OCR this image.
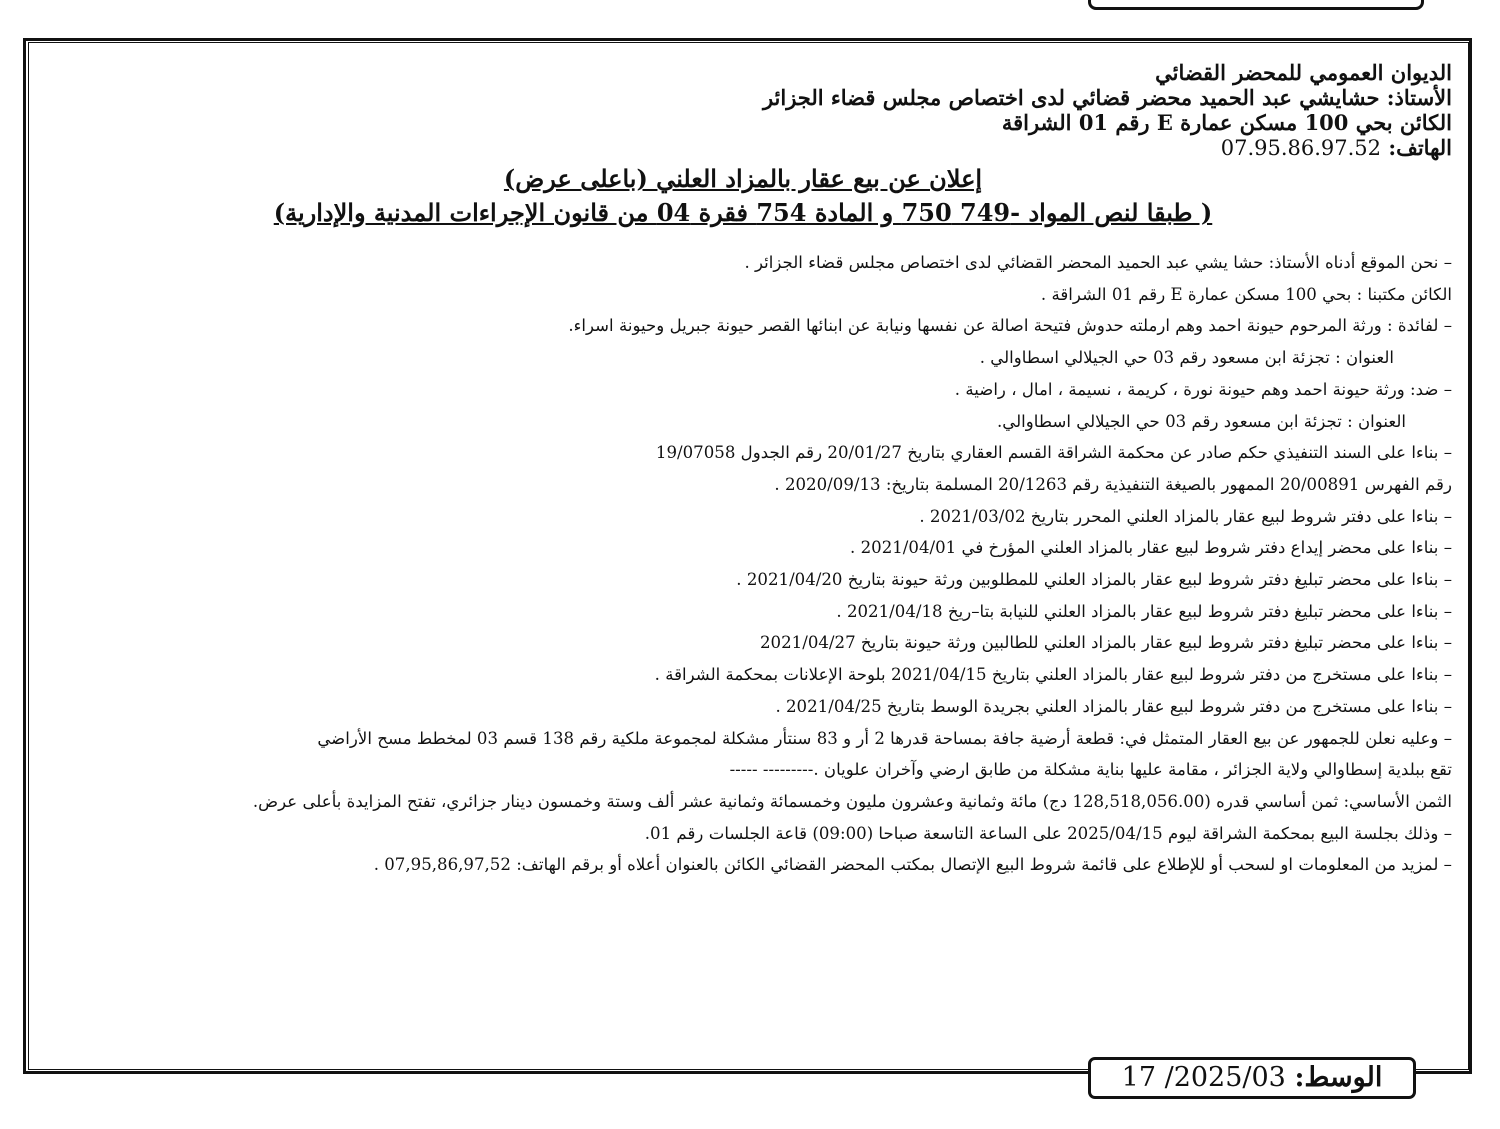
الديوان العمومي للمحضر القضائي

الأستاذ: حشايشي عبد الحميد محضر قضائي لدى اختصاص مجلس قضاء الجزائر

الكائن بحي 100 مسكن عمارة E رقم 01 الشراقة

الهاتف: 07.95.86.97.52

إعلان عن بيع عقار بالمزاد العلني (باعلى عرض)

( طبقا لنص المواد -749 750 و المادة 754 فقرة 04 من قانون الإجراءات المدنية والإدارية)

– نحن الموقع أدناه الأستاذ: حشا يشي عبد الحميد المحضر القضائي لدى اختصاص مجلس قضاء الجزائر .

الكائن مكتبنا : بحي 100 مسكن عمارة E رقم 01 الشراقة .

– لفائدة : ورثة المرحوم حيونة احمد وهم ارملته حدوش فتيحة اصالة عن نفسها ونيابة عن ابنائها القصر حيونة جبريل وحيونة اسراء.

العنوان : تجزئة ابن مسعود رقم 03 حي الجيلالي اسطاوالي .

– ضد: ورثة حيونة احمد وهم حيونة نورة ، كريمة ، نسيمة ، امال ، راضية .

العنوان : تجزئة ابن مسعود رقم 03 حي الجيلالي اسطاوالي.

– بناءا على السند التنفيذي حكم صادر عن محكمة الشراقة القسم العقاري بتاريخ 20/01/27 رقم الجدول 19/07058

رقم الفهرس 20/00891 الممهور بالصيغة التنفيذية رقم 20/1263 المسلمة بتاريخ: 2020/09/13 .

– بناءا على دفتر شروط لبيع عقار بالمزاد العلني المحرر بتاريخ 2021/03/02 .

– بناءا على محضر إيداع دفتر شروط لبيع عقار بالمزاد العلني المؤرخ في 2021/04/01 .

– بناءا على محضر تبليغ دفتر شروط لبيع عقار بالمزاد العلني للمطلوبين ورثة حيونة بتاريخ 2021/04/20 .

– بناءا على محضر تبليغ دفتر شروط لبيع عقار بالمزاد العلني للنيابة بتا–ريخ 2021/04/18 .

– بناءا على محضر تبليغ دفتر شروط لبيع عقار بالمزاد العلني للطالبين ورثة حيونة بتاريخ 2021/04/27

– بناءا على مستخرج من دفتر شروط لبيع عقار بالمزاد العلني بتاريخ 2021/04/15 بلوحة الإعلانات بمحكمة الشراقة .

– بناءا على مستخرج من دفتر شروط لبيع عقار بالمزاد العلني بجريدة الوسط بتاريخ 2021/04/25 .

– وعليه نعلن للجمهور عن بيع العقار المتمثل في: قطعة أرضية جافة بمساحة قدرها 2 أر و 83 سنتأر مشكلة لمجموعة ملكية رقم 138 قسم 03 لمخطط مسح الأراضي

تقع ببلدية إسطاوالي ولاية الجزائر ، مقامة عليها بناية مشكلة من طابق ارضي وآخران علويان .--------- -----

الثمن الأساسي: ثمن أساسي قدره (128,518,056.00 دج) مائة وثمانية وعشرون مليون وخمسمائة وثمانية عشر ألف وستة وخمسون دينار جزائري، تفتح المزايدة بأعلى عرض.

– وذلك بجلسة البيع بمحكمة الشراقة ليوم 2025/04/15 على الساعة التاسعة صباحا (09:00) قاعة الجلسات رقم 01.

– لمزيد من المعلومات او لسحب أو للإطلاع على قائمة شروط البيع الإتصال بمكتب المحضر القضائي الكائن بالعنوان أعلاه أو برقم الهاتف: 07,95,86,97,52 .

الوسط: 2025/03/ 17
